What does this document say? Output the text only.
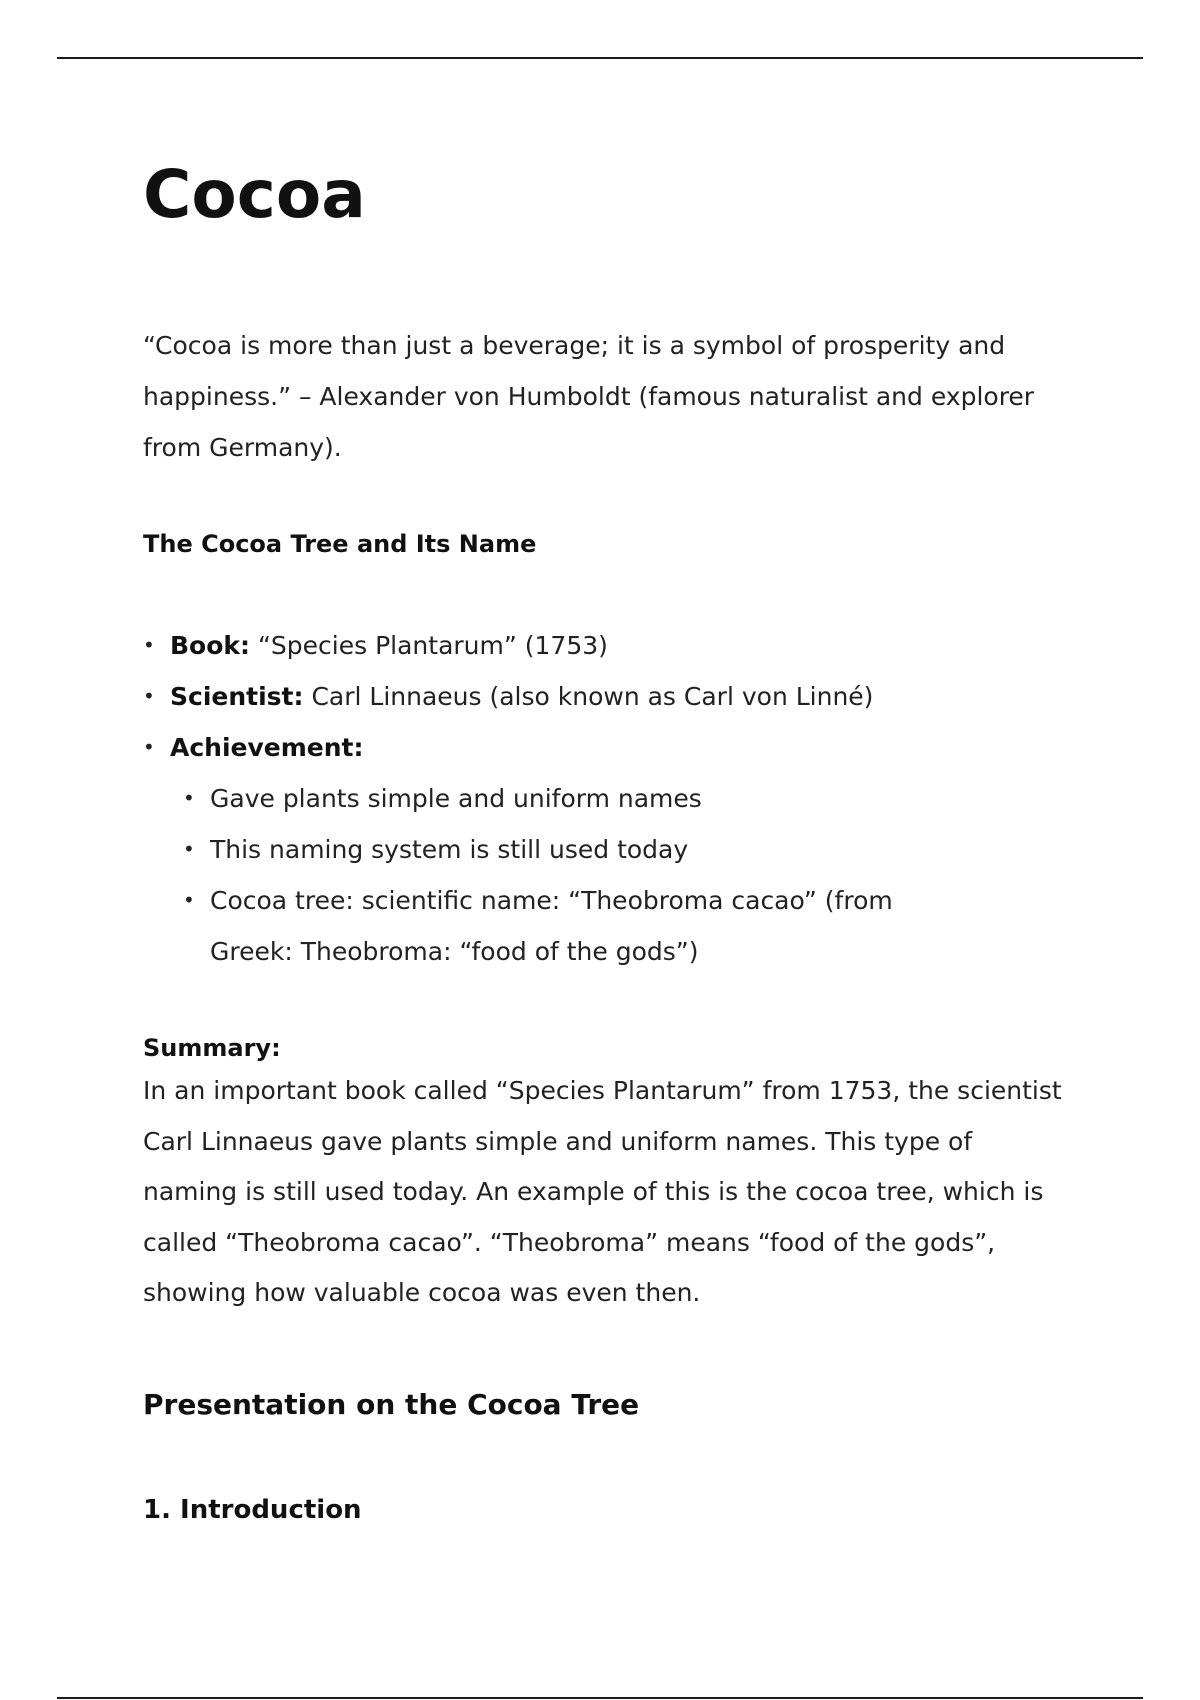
Cocoa

“Cocoa is more than just a beverage; it is a symbol of prosperity and happiness.” – Alexander von Humboldt (famous naturalist and explorer from Germany).

The Cocoa Tree and Its Name
• Book: “Species Plantarum” (1753)
• Scientist: Carl Linnaeus (also known as Carl von Linné)
• Achievement:
• Gave plants simple and uniform names
• This naming system is still used today
• Cocoa tree: scientific name: “Theobroma cacao” (from Greek: Theobroma: “food of the gods”)
Summary:

In an important book called “Species Plantarum” from 1753, the scientist Carl Linnaeus gave plants simple and uniform names. This type of naming is still used today. An example of this is the cocoa tree, which is called “Theobroma cacao”. “Theobroma” means “food of the gods”, showing how valuable cocoa was even then.

Presentation on the Cocoa Tree
1. Introduction
